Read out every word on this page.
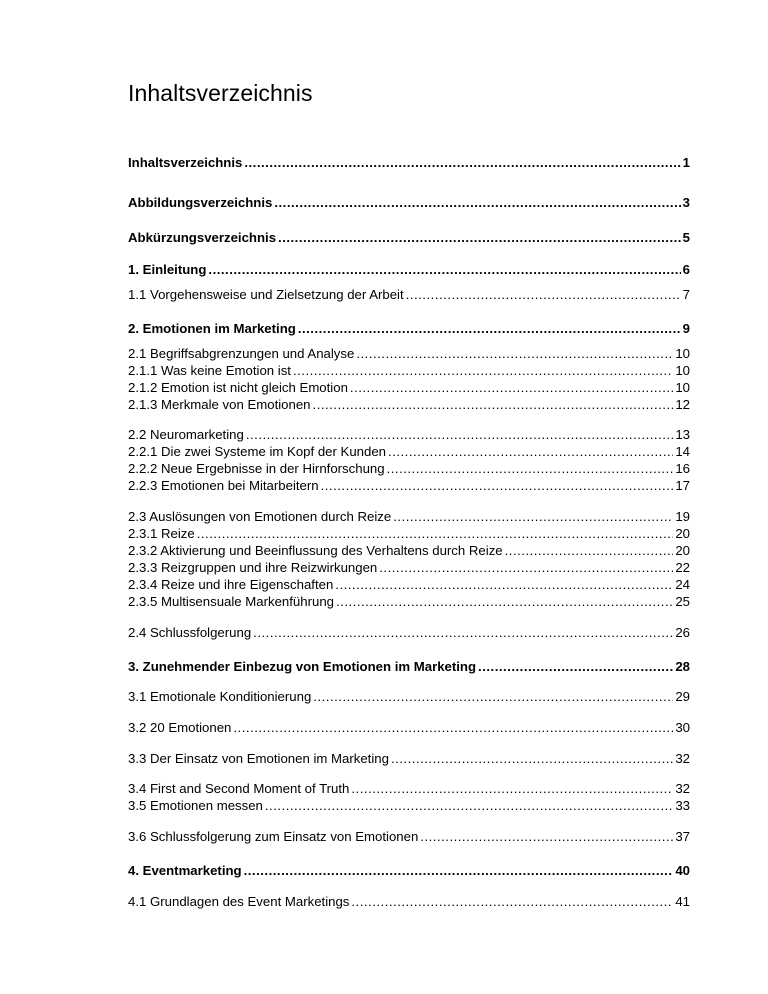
Inhaltsverzeichnis
Inhaltsverzeichnis .....	1
Abbildungsverzeichnis .....	3
Abkürzungsverzeichnis .....	5
1. Einleitung .....	6
1.1 Vorgehensweise und Zielsetzung der Arbeit .....	7
2. Emotionen im Marketing .....	9
2.1 Begriffsabgrenzungen und Analyse .....	10
2.1.1 Was keine Emotion ist .....	10
2.1.2 Emotion ist nicht gleich Emotion .....	10
2.1.3 Merkmale von Emotionen .....	12
2.2 Neuromarketing .....	13
2.2.1 Die zwei Systeme im Kopf der Kunden .....	14
2.2.2 Neue Ergebnisse in der Hirnforschung .....	16
2.2.3 Emotionen bei Mitarbeitern .....	17
2.3 Auslösungen von Emotionen durch Reize .....	19
2.3.1 Reize .....	20
2.3.2 Aktivierung und Beeinflussung des Verhaltens durch Reize .....	20
2.3.3 Reizgruppen und ihre Reizwirkungen .....	22
2.3.4 Reize und ihre Eigenschaften .....	24
2.3.5 Multisensuale Markenführung .....	25
2.4 Schlussfolgerung .....	26
3. Zunehmender Einbezug von Emotionen im Marketing .....	28
3.1 Emotionale Konditionierung .....	29
3.2 20 Emotionen .....	30
3.3 Der Einsatz von Emotionen im Marketing .....	32
3.4 First and Second Moment of Truth .....	32
3.5 Emotionen messen .....	33
3.6 Schlussfolgerung zum Einsatz von Emotionen .....	37
4. Eventmarketing .....	40
4.1 Grundlagen des Event Marketings .....	41
